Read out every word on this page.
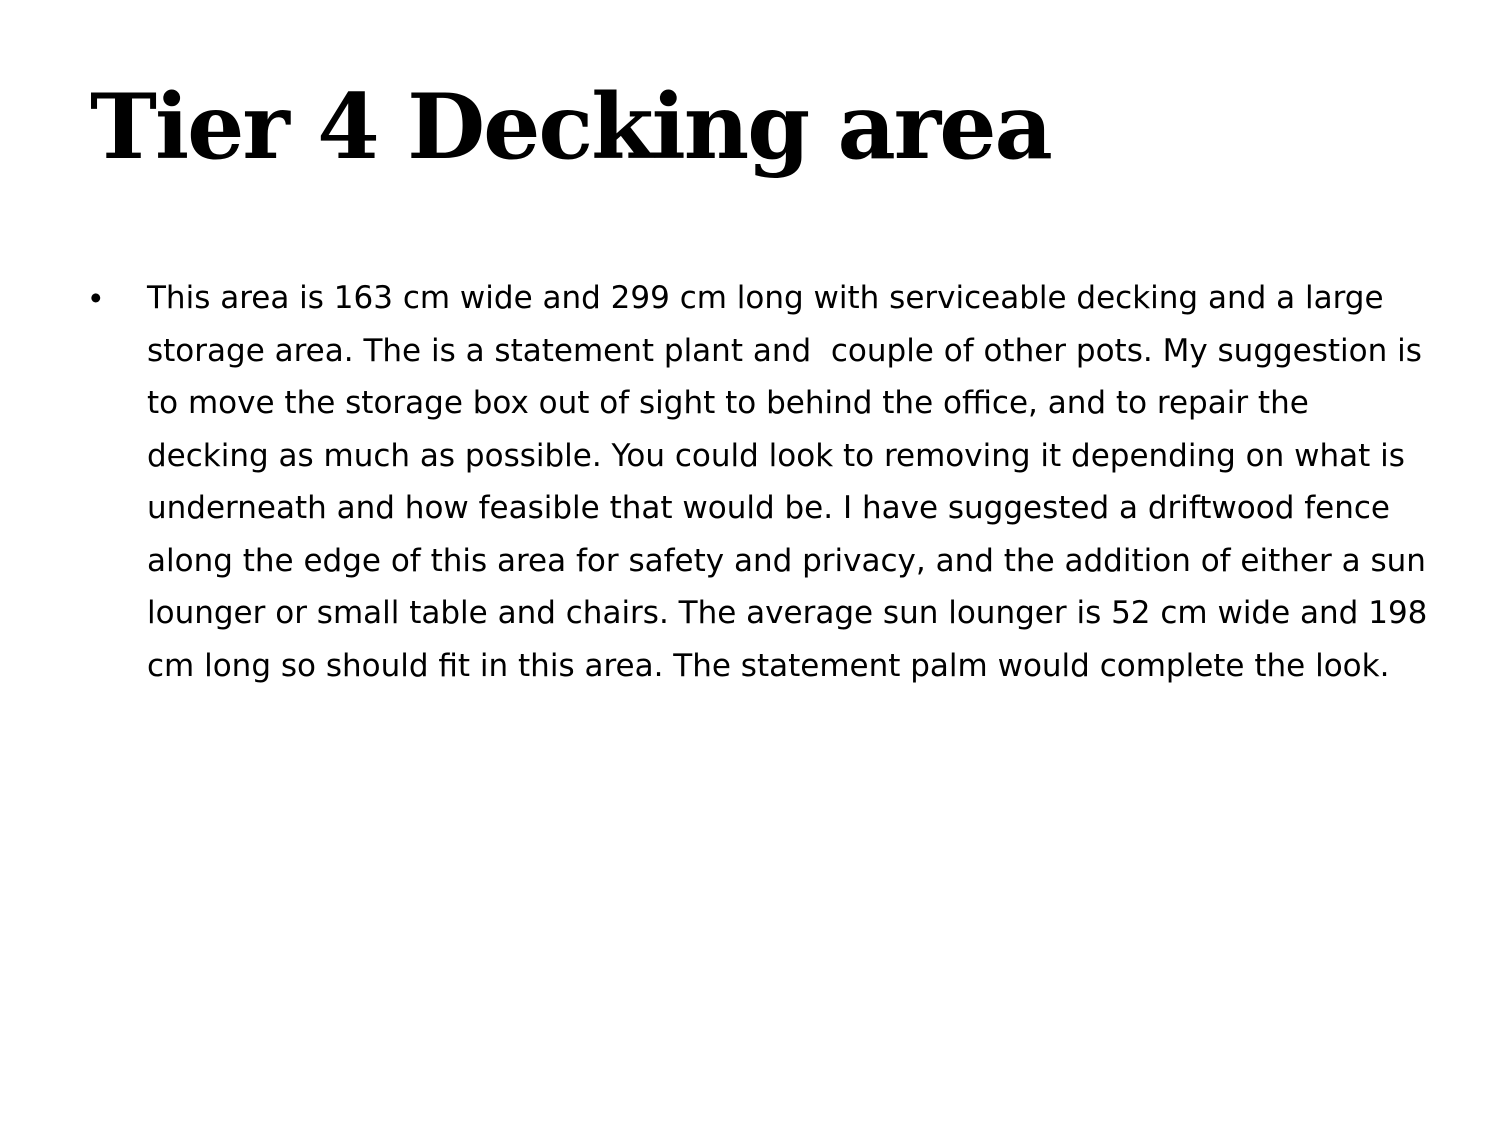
Tier 4 Decking area
•	This area is 163 cm wide and 299 cm long with serviceable decking and a large storage area. The is a statement plant and  couple of other pots. My suggestion is to move the storage box out of sight to behind the office, and to repair the decking as much as possible. You could look to removing it depending on what is underneath and how feasible that would be. I have suggested a driftwood fence along the edge of this area for safety and privacy, and the addition of either a sun lounger or small table and chairs. The average sun lounger is 52 cm wide and 198 cm long so should fit in this area. The statement palm would complete the look.
